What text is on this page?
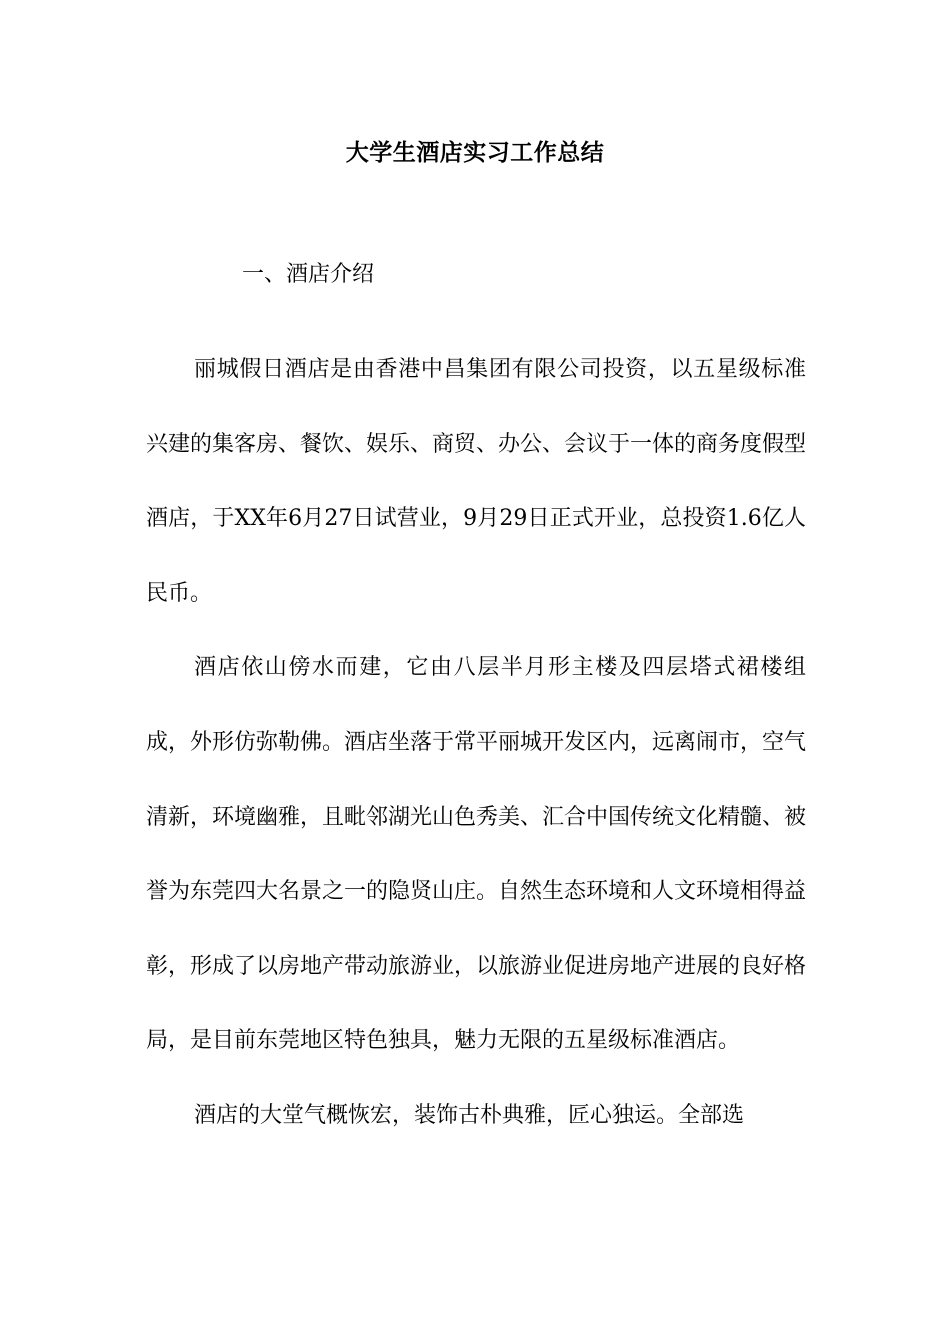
大学生酒店实习工作总结
一、酒店介绍

丽城假日酒店是由香港中昌集团有限公司投资，以五星级标准兴建的集客房、餐饮、娱乐、商贸、办公、会议于一体的商务度假型酒店，于XX年6月27日试营业，9月29日正式开业，总投资1.6亿人民币。

酒店依山傍水而建，它由八层半月形主楼及四层塔式裙楼组成，外形仿弥勒佛。酒店坐落于常平丽城开发区内，远离闹市，空气清新，环境幽雅，且毗邻湖光山色秀美、汇合中国传统文化精髓、被誉为东莞四大名景之一的隐贤山庄。自然生态环境和人文环境相得益彰，形成了以房地产带动旅游业，以旅游业促进房地产进展的良好格局，是目前东莞地区特色独具，魅力无限的五星级标准酒店。

酒店的大堂气概恢宏，装饰古朴典雅，匠心独运。全部选
